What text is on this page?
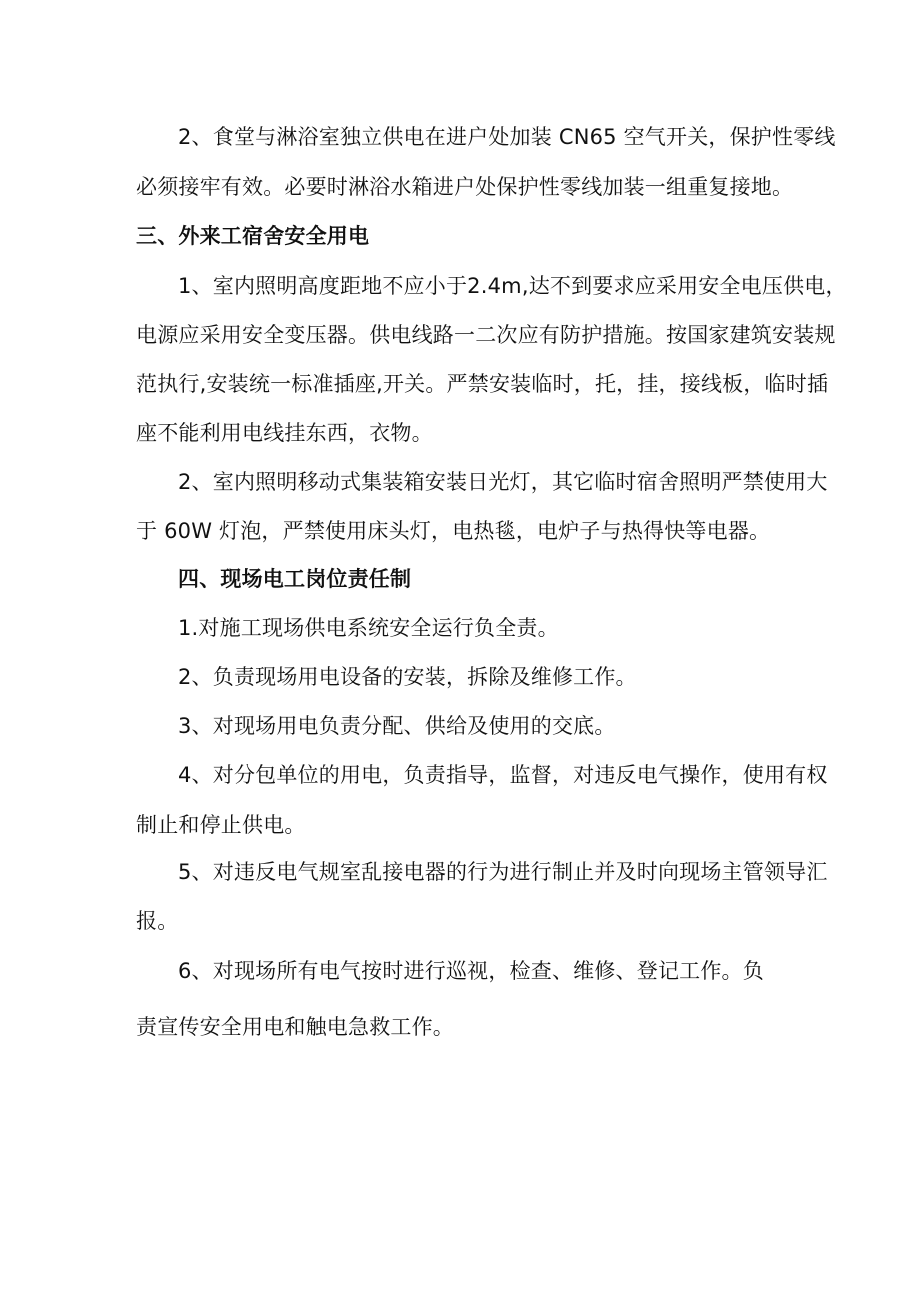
2、食堂与淋浴室独立供电在进户处加装 CN65 空气开关，保护性零线
必须接牢有效。必要时淋浴水箱进户处保护性零线加装一组重复接地。
三、外来工宿舍安全用电
1、室内照明高度距地不应小于2.4m,达不到要求应采用安全电压供电，
电源应采用安全变压器。供电线路一二次应有防护措施。按国家建筑安装规
范执行,安装统一标准插座,开关。严禁安装临时，托，挂，接线板，临时插
座不能利用电线挂东西，衣物。
2、室内照明移动式集装箱安装日光灯，其它临时宿舍照明严禁使用大
于 60W 灯泡，严禁使用床头灯，电热毯，电炉子与热得快等电器。
四、现场电工岗位责任制
1.对施工现场供电系统安全运行负全责。
2、负责现场用电设备的安装，拆除及维修工作。
3、对现场用电负责分配、供给及使用的交底。
4、对分包单位的用电，负责指导，监督，对违反电气操作，使用有权
制止和停止供电。
5、对违反电气规室乱接电器的行为进行制止并及时向现场主管领导汇
报。
6、对现场所有电气按时进行巡视，检查、维修、登记工作。负
责宣传安全用电和触电急救工作。
